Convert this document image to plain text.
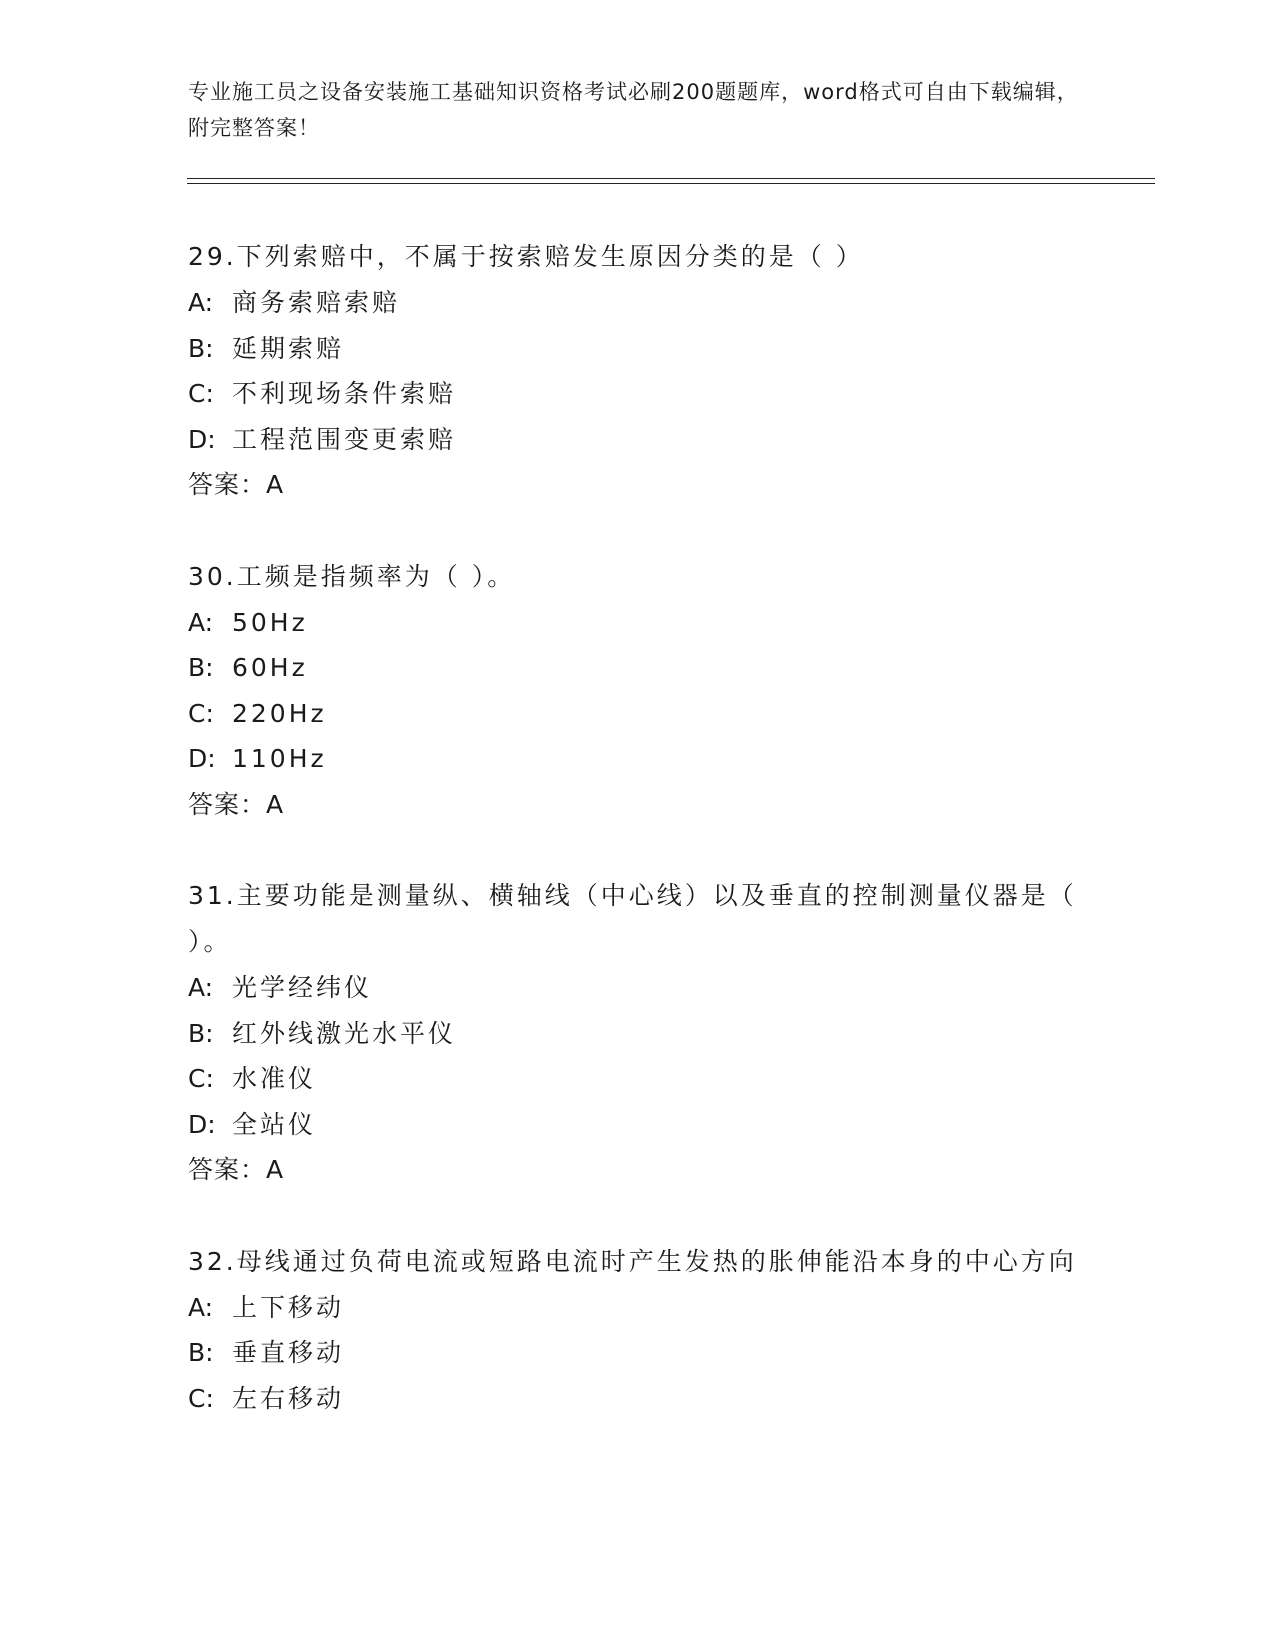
专业施工员之设备安装施工基础知识资格考试必刷200题题库，word格式可自由下载编辑，附完整答案！

29.下列索赔中，不属于按索赔发生原因分类的是（ ）

A: 商务索赔索赔

B: 延期索赔

C: 不利现场条件索赔

D: 工程范围变更索赔

答案：A

30.工频是指频率为（ ）。

A: 50Hz

B: 60Hz

C: 220Hz

D: 110Hz

答案：A

31.主要功能是测量纵、横轴线（中心线）以及垂直的控制测量仪器是（ ）。

A: 光学经纬仪

B: 红外线激光水平仪

C: 水准仪

D: 全站仪

答案：A

32.母线通过负荷电流或短路电流时产生发热的胀伸能沿本身的中心方向

A: 上下移动

B: 垂直移动

C: 左右移动
